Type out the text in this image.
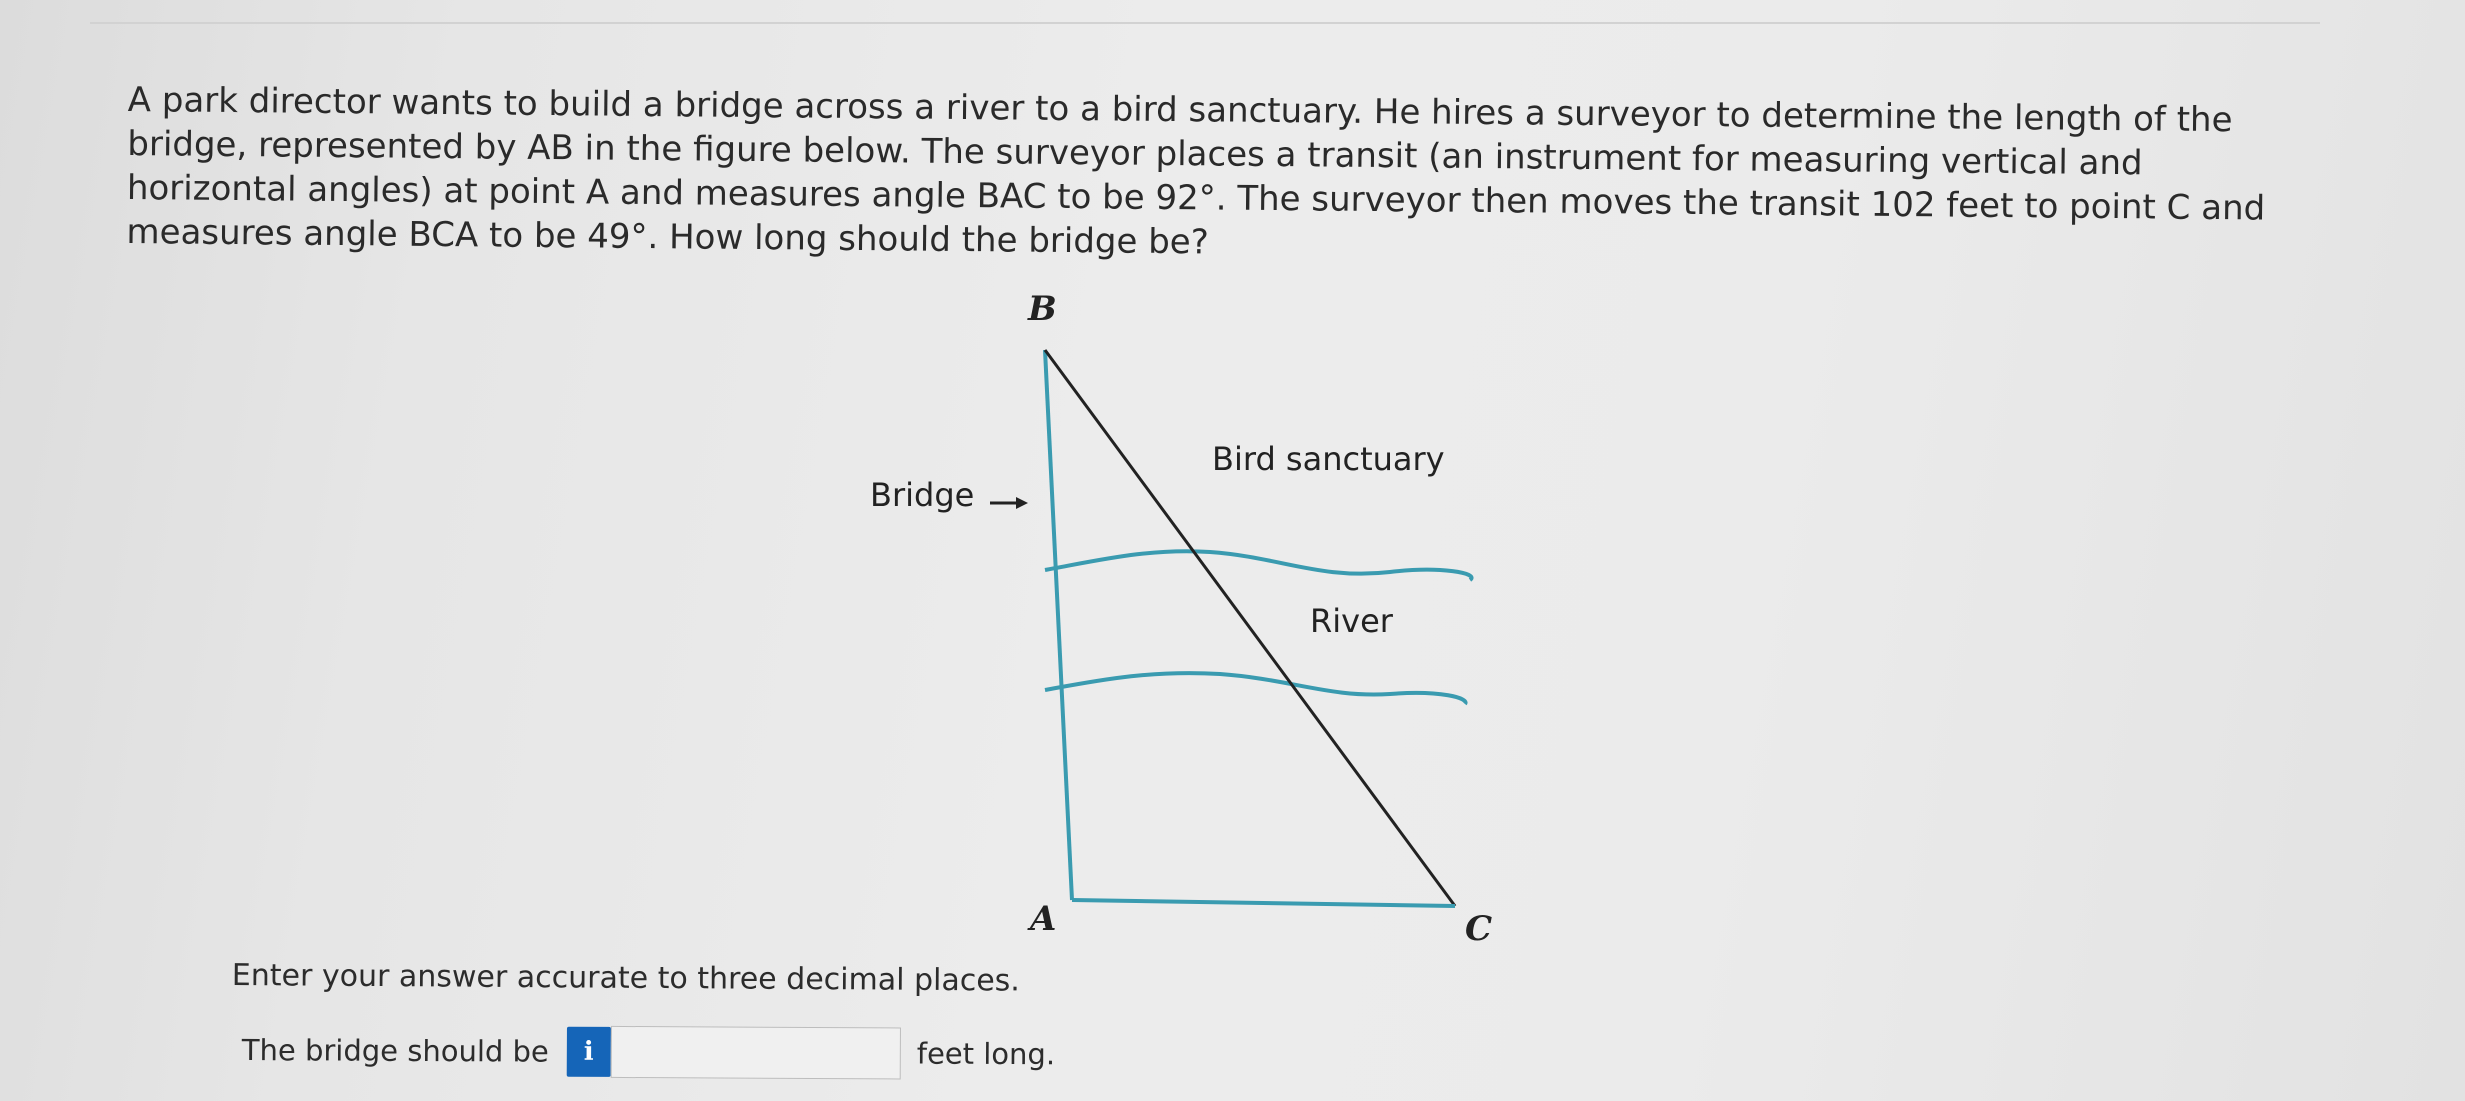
A park director wants to build a bridge across a river to a bird sanctuary. He hires a surveyor to determine the length of the bridge, represented by AB in the figure below. The surveyor places a transit (an instrument for measuring vertical and horizontal angles) at point A and measures angle BAC to be 92°. The surveyor then moves the transit 102 feet to point C and measures angle BCA to be 49°. How long should the bridge be?

B
A	C
Bridge
Bird sanctuary
River
Enter your answer accurate to three decimal places.
The bridge should be	i	feet long.
